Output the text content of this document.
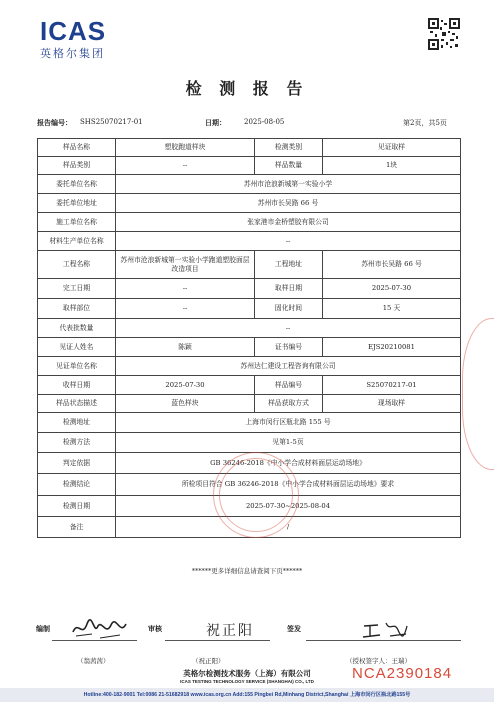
ICAS
英格尔集团
检 测 报 告
报告编号： SHS25070217-01	日期：	2025-08-05	第2页，共5页
样品名称	塑胶跑道样块	检测类别	见证取样
样品类别	--	样品数量	1块
委托单位名称	苏州市沧浪新城第一实验小学		
委托单位地址	苏州市长吴路 66 号		
施工单位名称	张家港市金桥塑胶有限公司		
材料生产单位名称	--		
工程名称	苏州市沧浪新城第一实验小学跑道塑胶面层改造项目	工程地址	苏州市长吴路 66 号
完工日期	--	取样日期	2025-07-30
取样部位	--	固化时间	15 天
代表批数量	--		
见证人姓名	陈颖	证书编号	EJS20210081
见证单位名称	苏州达仁建设工程咨询有限公司		
收样日期	2025-07-30	样品编号	S25070217-01
样品状态描述	蓝色样块	样品获取方式	现场取样
检测地址	上海市闵行区瓶北路 155 号		
检测方法	见第1-5页		
判定依据	GB 36246-2018《中小学合成材料面层运动场地》		
检测结论	所检项目符合 GB 36246-2018《中小学合成材料面层运动场地》要求		
检测日期	2025-07-30~2025-08-04		
备注	/		
******更多详细信息请查阅下页******
编制	审核	签发
祝正阳
（翁茜茜）	（祝正阳）	（授权签字人：王瑞）
英格尔检测技术服务（上海）有限公司
ICAS TESTING TECHNOLOGY SERVICE (SHANGHAI) CO., LTD	NCA2390184
Hotline:400-182-9001 Tel:0086 21-51682918 www.icas.org.cn Add:155 Pingbei Rd,Minhang District,Shanghai 上海市闵行区瓶北路155号
